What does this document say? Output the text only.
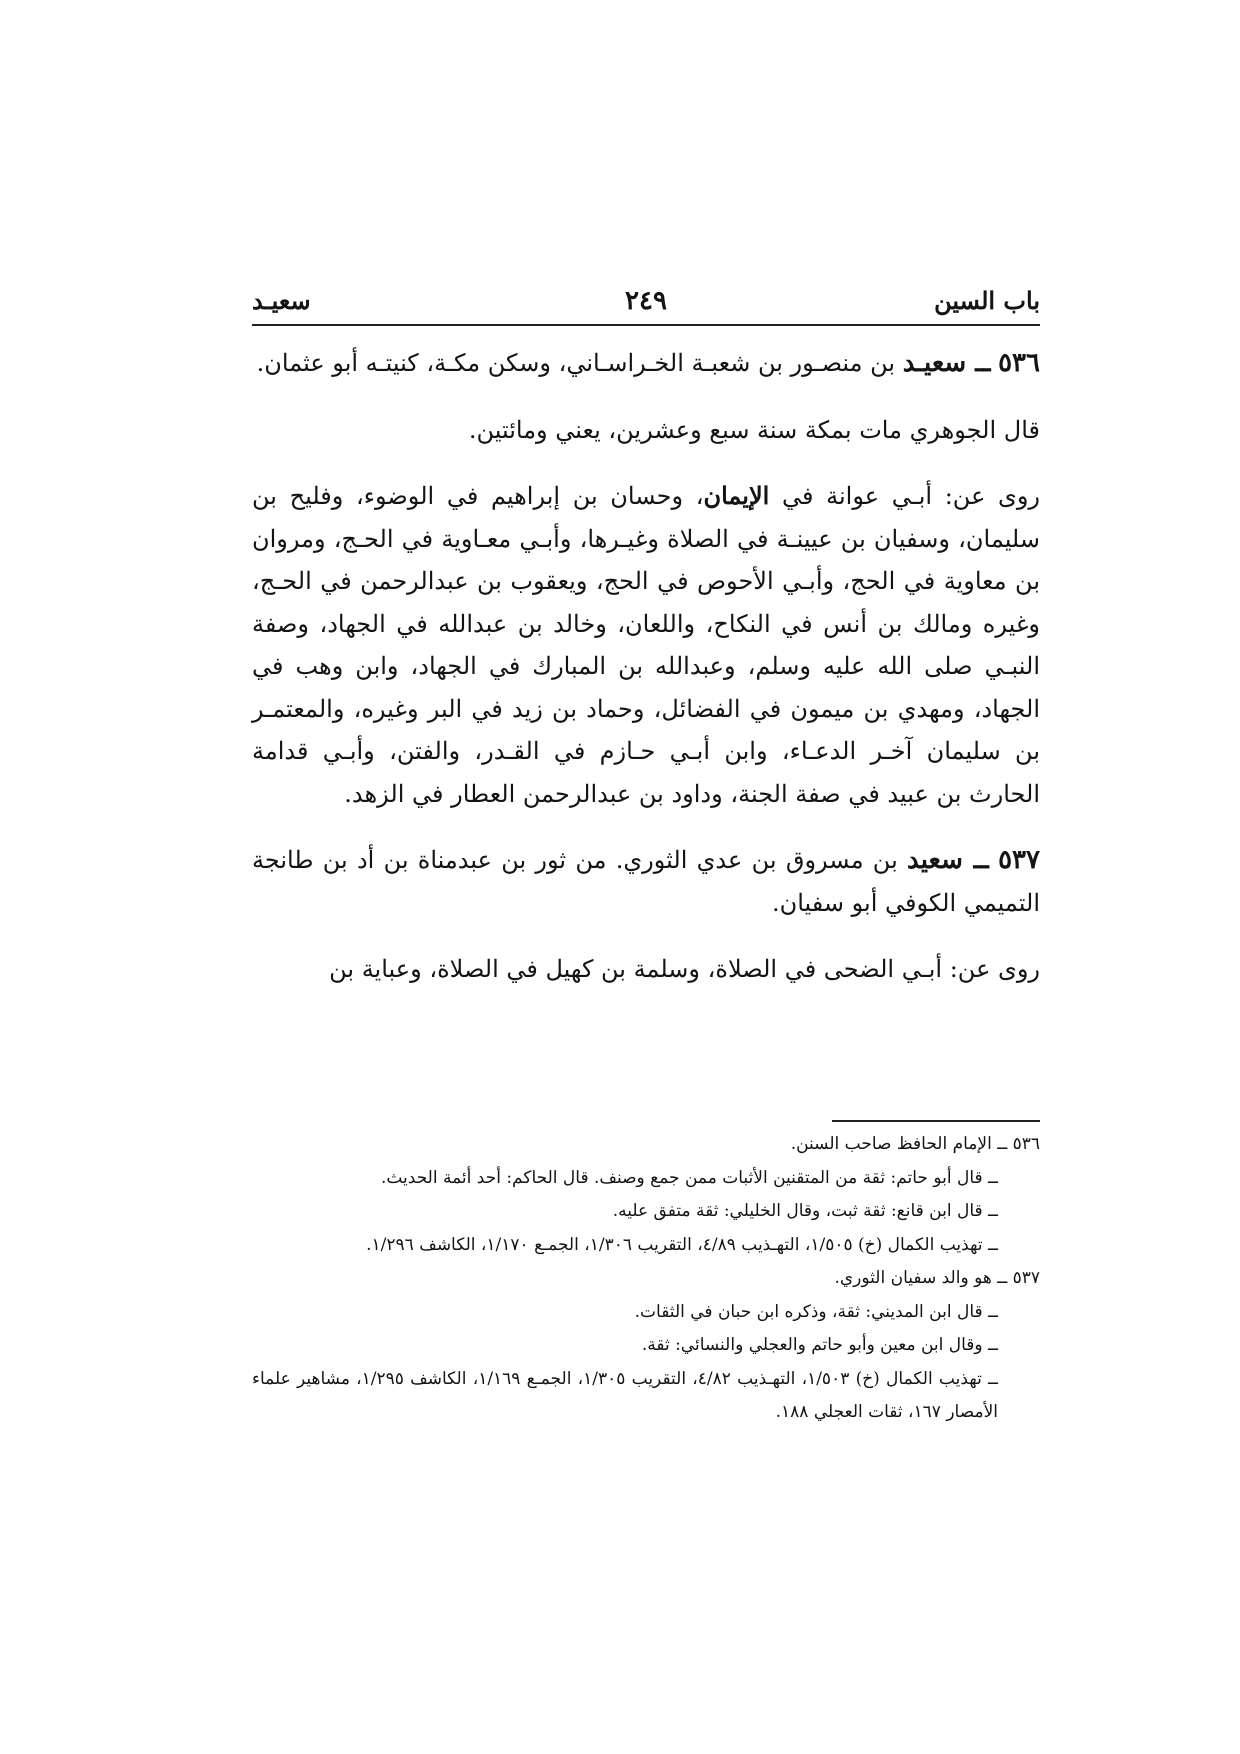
باب السين
٢٤٩
سعيـد

٥٣٦ ــ سعيـد بن منصـور بن شعبـة الخـراسـاني، وسكن مكـة، كنيتـه أبو عثمان.

قال الجوهري مات بمكة سنة سبع وعشرين، يعني ومائتين.

روى عن: أبـي عوانة في الإيمان، وحسان بن إبراهيم في الوضوء، وفليح بن سليمان، وسفيان بن عيينـة في الصلاة وغيـرها، وأبـي معـاوية في الحـج، ومروان بن معاوية في الحج، وأبـي الأحوص في الحج، ويعقوب بن عبدالرحمن في الحـج، وغيره ومالك بن أنس في النكاح، واللعان، وخالد بن عبدالله في الجهاد، وصفة النبـي صلى الله عليه وسلم، وعبدالله بن المبارك في الجهاد، وابن وهب في الجهاد، ومهدي بن ميمون في الفضائل، وحماد بن زيد في البر وغيره، والمعتمـر بن سليمان آخـر الدعـاء، وابن أبـي حـازم في القـدر، والفتن، وأبـي قدامة الحارث بن عبيد في صفة الجنة، وداود بن عبدالرحمن العطار في الزهد.

٥٣٧ ــ سعيد بن مسروق بن عدي الثوري. من ثور بن عبدمناة بن أد بن طانجة التميمي الكوفي أبو سفيان.

روى عن: أبـي الضحى في الصلاة، وسلمة بن كهيل في الصلاة، وعباية بن

٥٣٦ ــ الإمام الحافظ صاحب السنن.

ــ قال أبو حاتم: ثقة من المتقنين الأثبات ممن جمع وصنف. قال الحاكم: أحد أئمة الحديث.

ــ قال ابن قانع: ثقة ثبت، وقال الخليلي: ثقة متفق عليه.

ــ تهذيب الكمال (خ) ١/٥٠٥، التهـذيب ٤/٨٩، التقريب ١/٣٠٦، الجمـع ١/١٧٠، الكاشف ١/٢٩٦.

٥٣٧ ــ هو والد سفيان الثوري.

ــ قال ابن المديني: ثقة، وذكره ابن حبان في الثقات.

ــ وقال ابن معين وأبو حاتم والعجلي والنسائي: ثقة.

ــ تهذيب الكمال (خ) ١/٥٠٣، التهـذيب ٤/٨٢، التقريب ١/٣٠٥، الجمـع ١/١٦٩، الكاشف ١/٢٩٥، مشاهير علماء الأمصار ١٦٧، ثقات العجلي ١٨٨.
